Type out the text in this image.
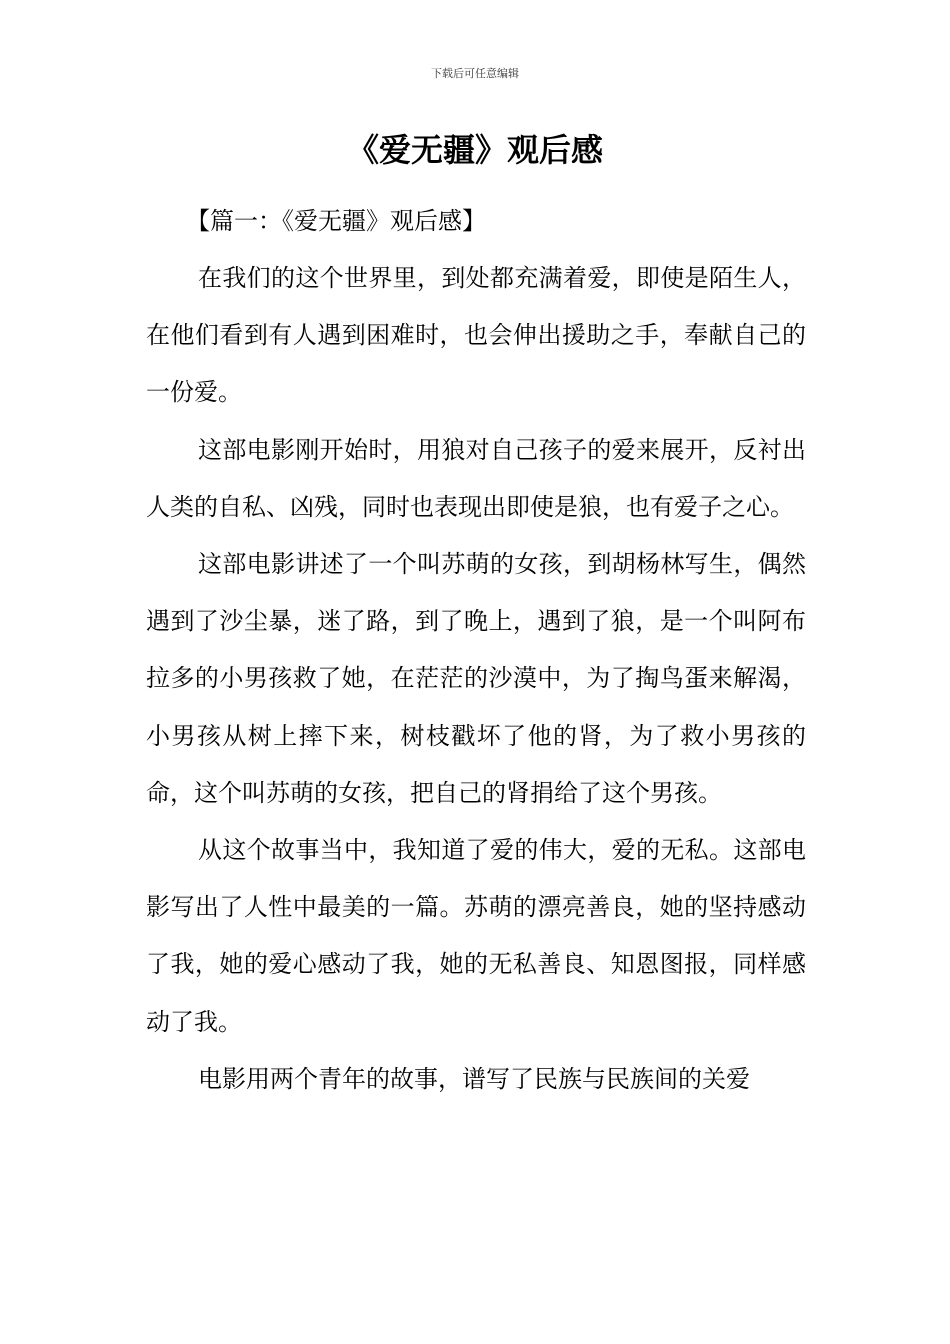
下载后可任意编辑
《爱无疆》观后感

【篇一：《爱无疆》观后感】

在我们的这个世界里，到处都充满着爱，即使是陌生人，在他们看到有人遇到困难时，也会伸出援助之手，奉献自己的一份爱。

这部电影刚开始时，用狼对自己孩子的爱来展开，反衬出人类的自私、凶残，同时也表现出即使是狼，也有爱子之心。

这部电影讲述了一个叫苏萌的女孩，到胡杨林写生，偶然遇到了沙尘暴，迷了路，到了晚上，遇到了狼，是一个叫阿布拉多的小男孩救了她，在茫茫的沙漠中，为了掏鸟蛋来解渴，小男孩从树上摔下来，树枝戳坏了他的肾，为了救小男孩的命，这个叫苏萌的女孩，把自己的肾捐给了这个男孩。

从这个故事当中，我知道了爱的伟大，爱的无私。这部电影写出了人性中最美的一篇。苏萌的漂亮善良，她的坚持感动了我，她的爱心感动了我，她的无私善良、知恩图报，同样感动了我。

电影用两个青年的故事，谱写了民族与民族间的关爱
